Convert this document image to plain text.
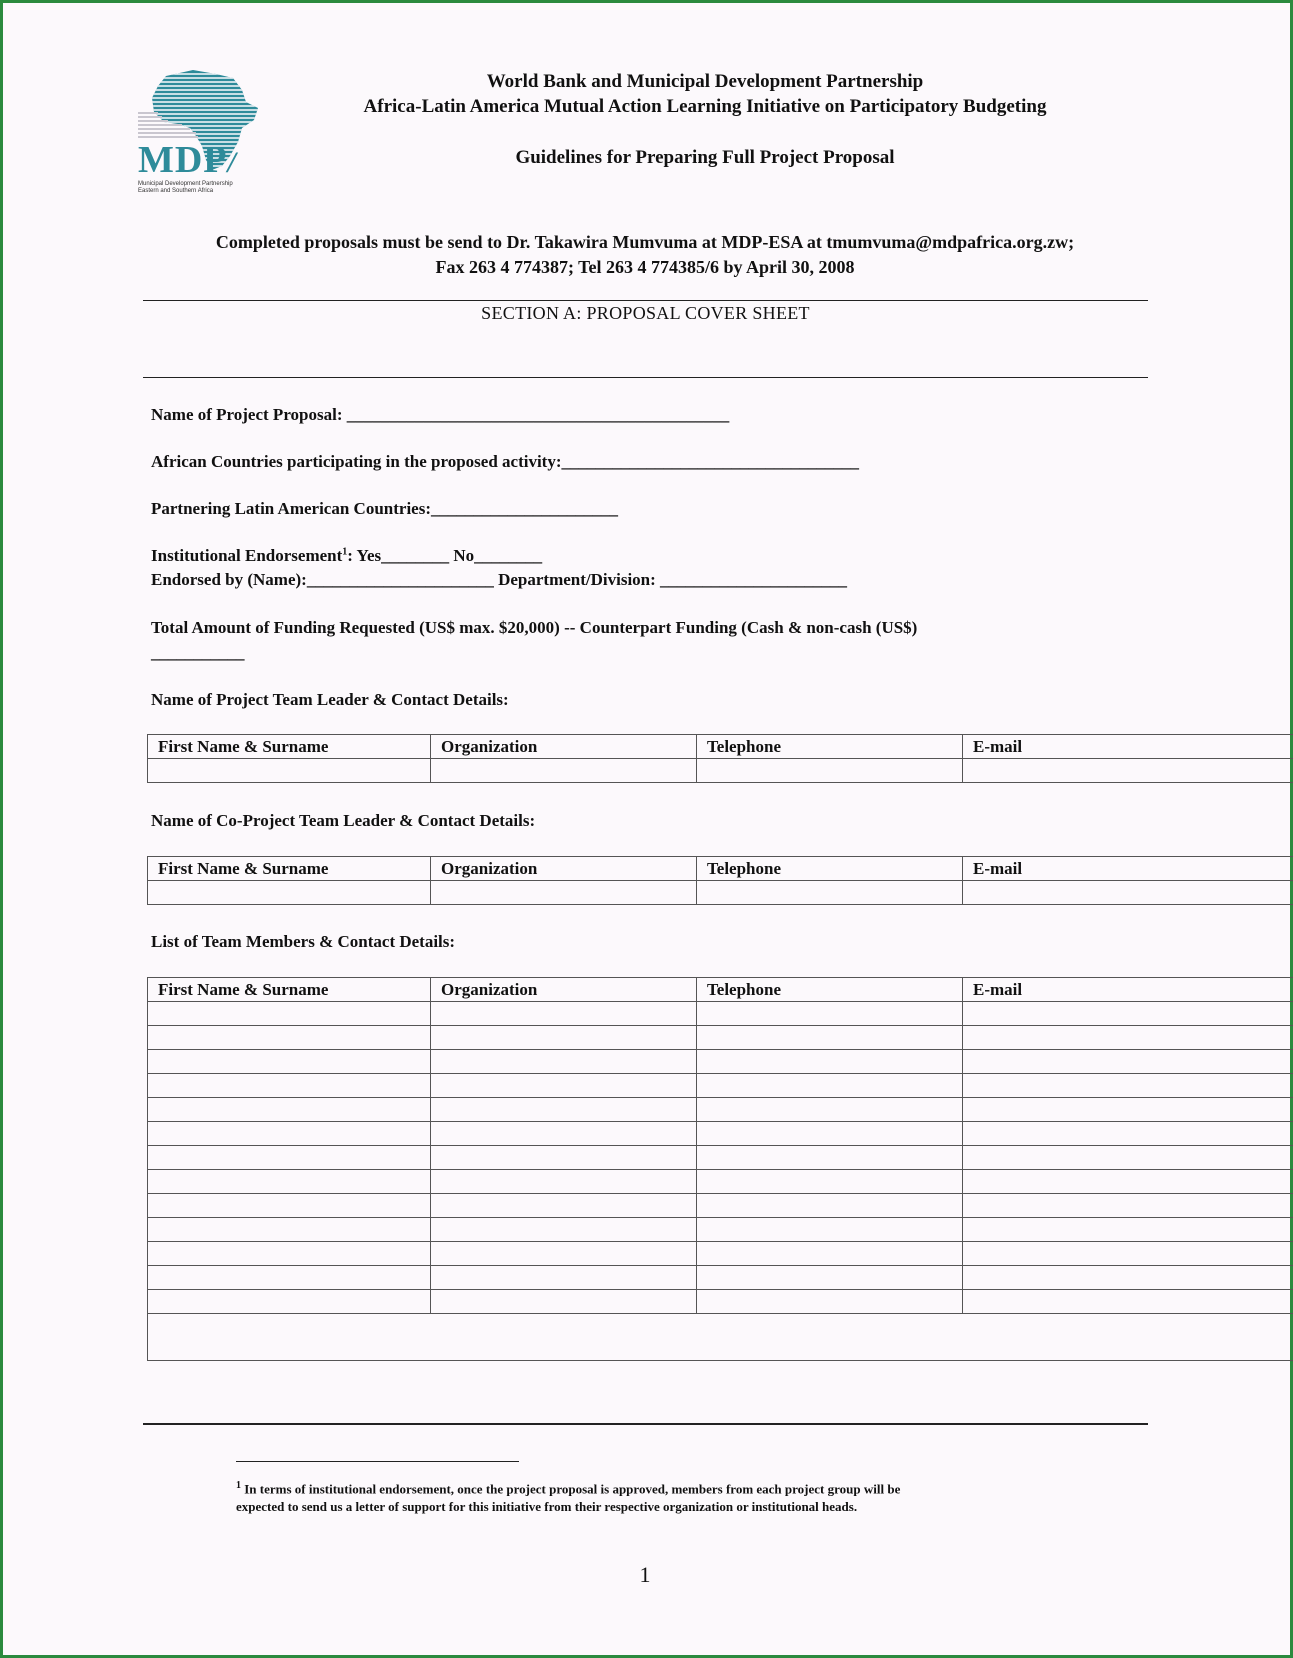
MDP/
Municipal Development Partnership
Eastern and Southern Africa
World Bank and Municipal Development Partnership
Africa-Latin America Mutual Action Learning Initiative on Participatory Budgeting
Guidelines for Preparing Full Project Proposal
Completed proposals must be send to Dr. Takawira Mumvuma at MDP-ESA at tmumvuma@mdpafrica.org.zw;
Fax 263 4 774387; Tel 263 4 774385/6 by April 30, 2008
SECTION A: PROPOSAL COVER SHEET
Name of Project Proposal: _____________________________________________
African Countries participating in the proposed activity:___________________________________
Partnering Latin American Countries:______________________
Institutional Endorsement$^1$: Yes________ No________
Endorsed by (Name):______________________ Department/Division: ______________________
Total Amount of Funding Requested (US$ max. $20,000) -- Counterpart Funding (Cash & non-cash (US$)
___________
Name of Project Team Leader & Contact Details:
First Name & Surname	Organization	Telephone	E-mail

Name of Co-Project Team Leader & Contact Details:
First Name & Surname	Organization	Telephone	E-mail

List of Team Members & Contact Details:
First Name & Surname	Organization	Telephone	E-mail

$^1$ In terms of institutional endorsement, once the project proposal is approved, members from each project group will be
expected to send us a letter of support for this initiative from their respective organization or institutional heads.
1
